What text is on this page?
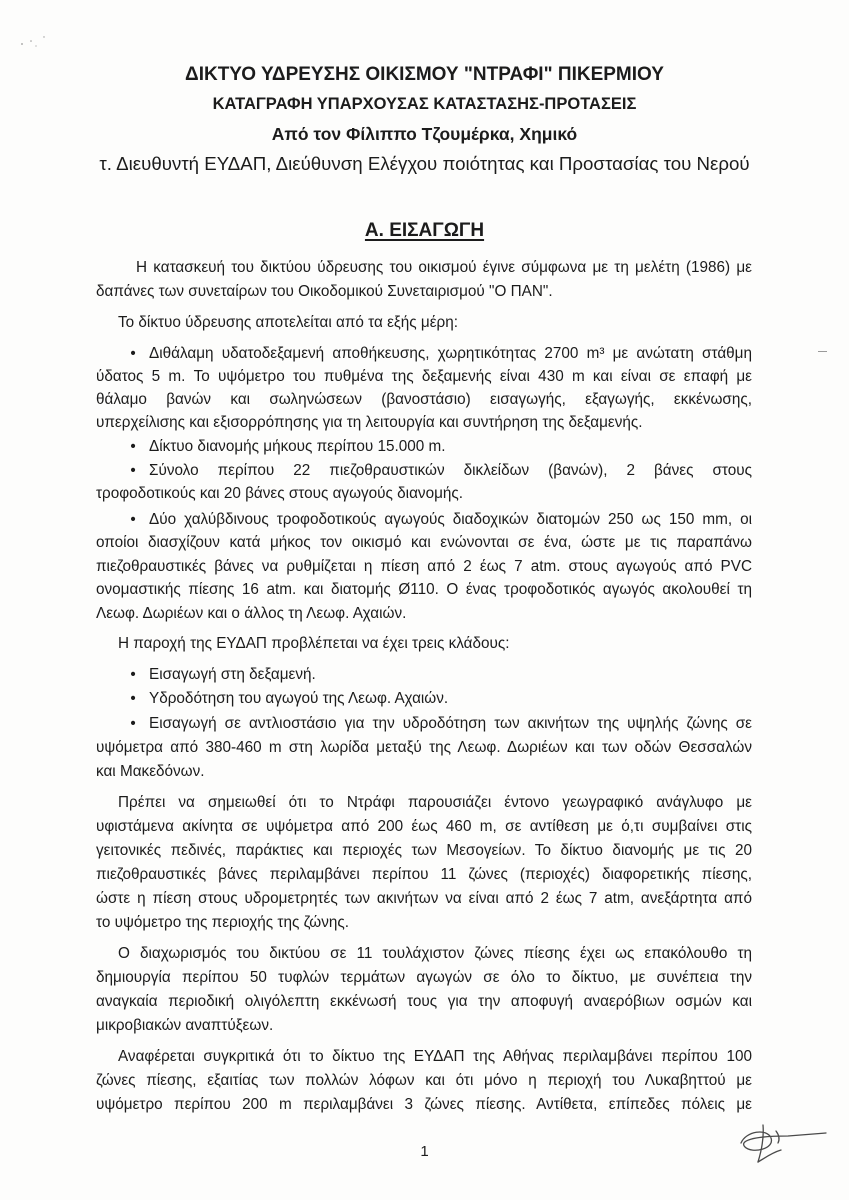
ΔΙΚΤΥΟ ΥΔΡΕΥΣΗΣ ΟΙΚΙΣΜΟΥ "ΝΤΡΑΦΙ" ΠΙΚΕΡΜΙΟΥ
ΚΑΤΑΓΡΑΦΗ ΥΠΑΡΧΟΥΣΑΣ ΚΑΤΑΣΤΑΣΗΣ-ΠΡΟΤΑΣΕΙΣ
Από τον Φίλιππο Τζουμέρκα, Χημικό
τ. Διευθυντή ΕΥΔΑΠ, Διεύθυνση Ελέγχου ποιότητας και Προστασίας του Νερού
Α. ΕΙΣΑΓΩΓΗ
Η κατασκευή του δικτύου ύδρευσης του οικισμού έγινε σύμφωνα με τη μελέτη (1986) με
δαπάνες των συνεταίρων του Οικοδομικού Συνεταιρισμού "Ο ΠΑΝ".
Το δίκτυο ύδρευσης αποτελείται από τα εξής μέρη:
• Διθάλαμη υδατοδεξαμενή αποθήκευσης, χωρητικότητας 2700 m³ με ανώτατη στάθμη
ύδατος 5 m. Το υψόμετρο του πυθμένα της δεξαμενής είναι 430 m και είναι σε επαφή με
θάλαμο βανών και σωληνώσεων (βανοστάσιο) εισαγωγής, εξαγωγής, εκκένωσης,
υπερχείλισης και εξισορρόπησης για τη λειτουργία και συντήρηση της δεξαμενής.
• Δίκτυο διανομής μήκους περίπου 15.000 m.
• Σύνολο περίπου 22 πιεζοθραυστικών δικλείδων (βανών), 2 βάνες στους
τροφοδοτικούς και 20 βάνες στους αγωγούς διανομής.
• Δύο χαλύβδινους τροφοδοτικούς αγωγούς διαδοχικών διατομών 250 ως 150 mm, οι
οποίοι διασχίζουν κατά μήκος τον οικισμό και ενώνονται σε ένα, ώστε με τις παραπάνω
πιεζοθραυστικές βάνες να ρυθμίζεται η πίεση από 2 έως 7 atm. στους αγωγούς από PVC
ονομαστικής πίεσης 16 atm. και διατομής Ø110. Ο ένας τροφοδοτικός αγωγός ακολουθεί τη
Λεωφ. Δωριέων και ο άλλος τη Λεωφ. Αχαιών.
Η παροχή της ΕΥΔΑΠ προβλέπεται να έχει τρεις κλάδους:
• Εισαγωγή στη δεξαμενή.
• Υδροδότηση του αγωγού της Λεωφ. Αχαιών.
• Εισαγωγή σε αντλιοστάσιο για την υδροδότηση των ακινήτων της υψηλής ζώνης σε
υψόμετρα από 380-460 m στη λωρίδα μεταξύ της Λεωφ. Δωριέων και των οδών Θεσσαλών
και Μακεδόνων.
Πρέπει να σημειωθεί ότι το Ντράφι παρουσιάζει έντονο γεωγραφικό ανάγλυφο με
υφιστάμενα ακίνητα σε υψόμετρα από 200 έως 460 m, σε αντίθεση με ό,τι συμβαίνει στις
γειτονικές πεδινές, παράκτιες και περιοχές των Μεσογείων. Το δίκτυο διανομής με τις 20
πιεζοθραυστικές βάνες περιλαμβάνει περίπου 11 ζώνες (περιοχές) διαφορετικής πίεσης,
ώστε η πίεση στους υδρομετρητές των ακινήτων να είναι από 2 έως 7 atm, ανεξάρτητα από
το υψόμετρο της περιοχής της ζώνης.
Ο διαχωρισμός του δικτύου σε 11 τουλάχιστον ζώνες πίεσης έχει ως επακόλουθο τη
δημιουργία περίπου 50 τυφλών τερμάτων αγωγών σε όλο το δίκτυο, με συνέπεια την
αναγκαία περιοδική ολιγόλεπτη εκκένωσή τους για την αποφυγή αναερόβιων οσμών και
μικροβιακών αναπτύξεων.
Αναφέρεται συγκριτικά ότι το δίκτυο της ΕΥΔΑΠ της Αθήνας περιλαμβάνει περίπου 100
ζώνες πίεσης, εξαιτίας των πολλών λόφων και ότι μόνο η περιοχή του Λυκαβηττού με
υψόμετρο περίπου 200 m περιλαμβάνει 3 ζώνες πίεσης. Αντίθετα, επίπεδες πόλεις με
1
